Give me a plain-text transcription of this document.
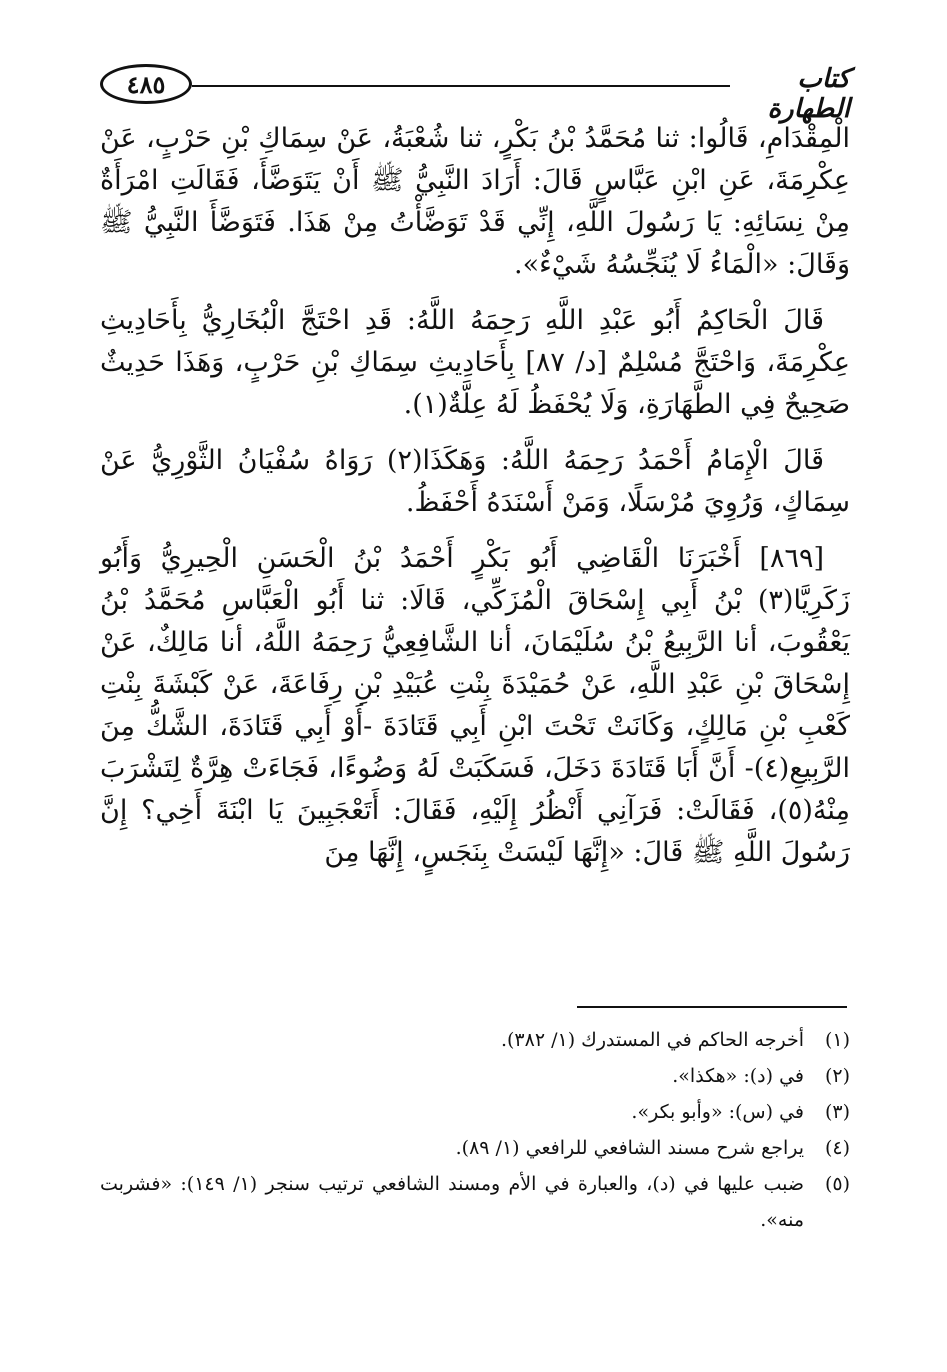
٤٨٥	كتاب الطهارة

الْمِقْدَامِ، قَالُوا: ثنا مُحَمَّدُ بْنُ بَكْرٍ، ثنا شُعْبَةُ، عَنْ سِمَاكِ بْنِ حَرْبٍ، عَنْ عِكْرِمَةَ، عَنِ ابْنِ عَبَّاسٍ قَالَ: أَرَادَ النَّبِيُّ ﷺ أَنْ يَتَوَضَّأَ، فَقَالَتِ امْرَأَةٌ مِنْ نِسَائِهِ: يَا رَسُولَ اللَّهِ، إِنِّي قَدْ تَوَضَّأْتُ مِنْ هَذَا. فَتَوَضَّأَ النَّبِيُّ ﷺ وَقَالَ: «الْمَاءُ لَا يُنَجِّسُهُ شَيْءٌ».

قَالَ الْحَاكِمُ أَبُو عَبْدِ اللَّهِ رَحِمَهُ اللَّهُ: قَدِ احْتَجَّ الْبُخَارِيُّ بِأَحَادِيثِ عِكْرِمَةَ، وَاحْتَجَّ مُسْلِمٌ [د/ ٨٧] بِأَحَادِيثِ سِمَاكِ بْنِ حَرْبٍ، وَهَذَا حَدِيثٌ صَحِيحٌ فِي الطَّهَارَةِ، وَلَا يُحْفَظُ لَهُ عِلَّةٌ(١).

قَالَ الْإِمَامُ أَحْمَدُ رَحِمَهُ اللَّهُ: وَهَكَذَا(٢) رَوَاهُ سُفْيَانُ الثَّوْرِيُّ عَنْ سِمَاكٍ، وَرُوِيَ مُرْسَلًا، وَمَنْ أَسْنَدَهُ أَحْفَظُ.

[٨٦٩] أَخْبَرَنَا الْقَاضِي أَبُو بَكْرٍ أَحْمَدُ بْنُ الْحَسَنِ الْحِيرِيُّ وَأَبُو زَكَرِيَّا(٣) بْنُ أَبِي إِسْحَاقَ الْمُزَكِّي، قَالَا: ثنا أَبُو الْعَبَّاسِ مُحَمَّدُ بْنُ يَعْقُوبَ، أنا الرَّبِيعُ بْنُ سُلَيْمَانَ، أنا الشَّافِعِيُّ رَحِمَهُ اللَّهُ، أنا مَالِكٌ، عَنْ إِسْحَاقَ بْنِ عَبْدِ اللَّهِ، عَنْ حُمَيْدَةَ بِنْتِ عُبَيْدِ بْنِ رِفَاعَةَ، عَنْ كَبْشَةَ بِنْتِ كَعْبِ بْنِ مَالِكٍ، وَكَانَتْ تَحْتَ ابْنِ أَبِي قَتَادَةَ -أَوْ أَبِي قَتَادَةَ، الشَّكُّ مِنَ الرَّبِيعِ(٤)- أَنَّ أَبَا قَتَادَةَ دَخَلَ، فَسَكَبَتْ لَهُ وَضُوءًا، فَجَاءَتْ هِرَّةٌ لِتَشْرَبَ مِنْهُ(٥)، فَقَالَتْ: فَرَآنِي أَنْظُرُ إِلَيْهِ، فَقَالَ: أَتَعْجَبِينَ يَا ابْنَةَ أَخِي؟ إِنَّ رَسُولَ اللَّهِ ﷺ قَالَ: «إِنَّهَا لَيْسَتْ بِنَجَسٍ، إِنَّهَا مِنَ

(١)
أخرجه الحاكم في المستدرك (١/ ٣٨٢).
(٢)
في (د): «هكذا».
(٣)
في (س): «وأبو بكر».
(٤)
يراجع شرح مسند الشافعي للرافعي (١/ ٨٩).
(٥)
ضبب عليها في (د)، والعبارة في الأم ومسند الشافعي ترتيب سنجر (١/ ١٤٩): «فشربت منه».
